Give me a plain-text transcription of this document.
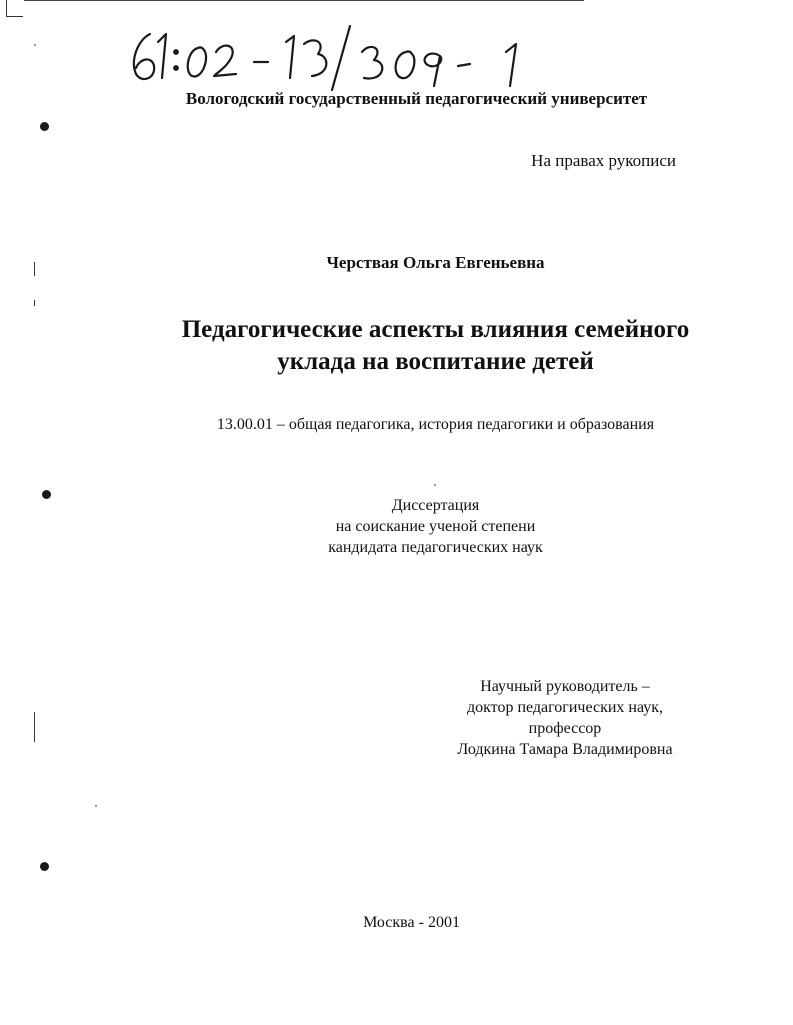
Вологодский государственный педагогический университет
На правах рукописи
Черствая Ольга Евгеньевна
Педагогические аспекты влияния семейного
уклада на воспитание детей
13.00.01 – общая педагогика, история педагогики и образования
Диссертация
на соискание ученой степени
кандидата педагогических наук
Научный руководитель –
доктор педагогических наук,
профессор
Лодкина Тамара Владимировна
Москва - 2001
